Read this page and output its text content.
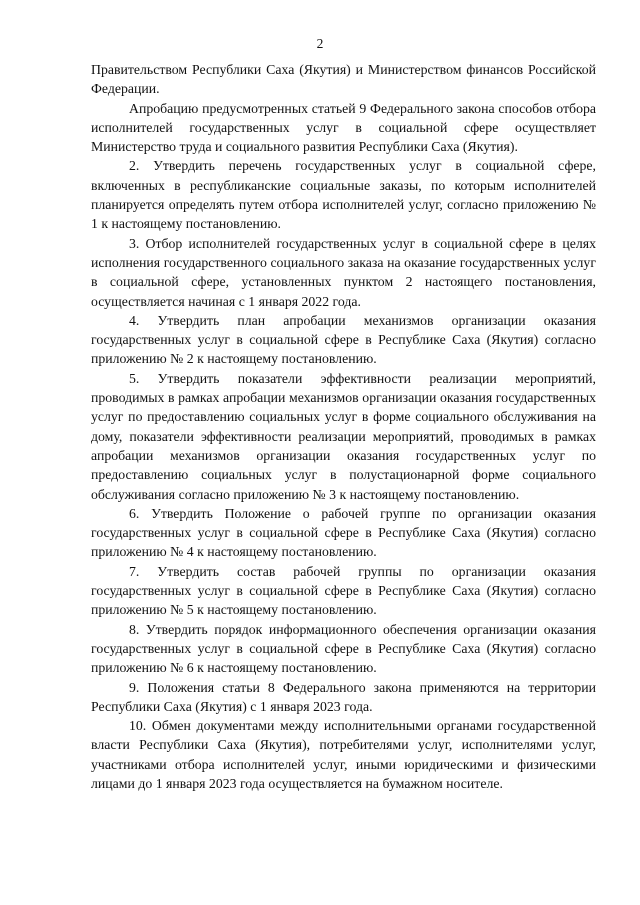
2

Правительством Республики Саха (Якутия) и Министерством финансов Российской Федерации.

Апробацию предусмотренных статьей 9 Федерального закона способов отбора исполнителей государственных услуг в социальной сфере осуществляет Министерство труда и социального развития Республики Саха (Якутия).

2. Утвердить перечень государственных услуг в социальной сфере, включенных в республиканские социальные заказы, по которым исполнителей планируется определять путем отбора исполнителей услуг, согласно приложению № 1 к настоящему постановлению.

3. Отбор исполнителей государственных услуг в социальной сфере в целях исполнения государственного социального заказа на оказание государственных услуг в социальной сфере, установленных пунктом 2 настоящего постановления, осуществляется начиная с 1 января 2022 года.

4. Утвердить план апробации механизмов организации оказания государственных услуг в социальной сфере в Республике Саха (Якутия) согласно приложению № 2 к настоящему постановлению.

5. Утвердить показатели эффективности реализации мероприятий, проводимых в рамках апробации механизмов организации оказания государственных услуг по предоставлению социальных услуг в форме социального обслуживания на дому, показатели эффективности реализации мероприятий, проводимых в рамках апробации механизмов организации оказания государственных услуг по предоставлению социальных услуг в полустационарной форме социального обслуживания согласно приложению № 3 к настоящему постановлению.

6. Утвердить Положение о рабочей группе по организации оказания государственных услуг в социальной сфере в Республике Саха (Якутия) согласно приложению № 4 к настоящему постановлению.

7. Утвердить состав рабочей группы по организации оказания государственных услуг в социальной сфере в Республике Саха (Якутия) согласно приложению № 5 к настоящему постановлению.

8. Утвердить порядок информационного обеспечения организации оказания государственных услуг в социальной сфере в Республике Саха (Якутия) согласно приложению № 6 к настоящему постановлению.

9. Положения статьи 8 Федерального закона применяются на территории Республики Саха (Якутия) с 1 января 2023 года.

10. Обмен документами между исполнительными органами государственной власти Республики Саха (Якутия), потребителями услуг, исполнителями услуг, участниками отбора исполнителей услуг, иными юридическими и физическими лицами до 1 января 2023 года осуществляется на бумажном носителе.
